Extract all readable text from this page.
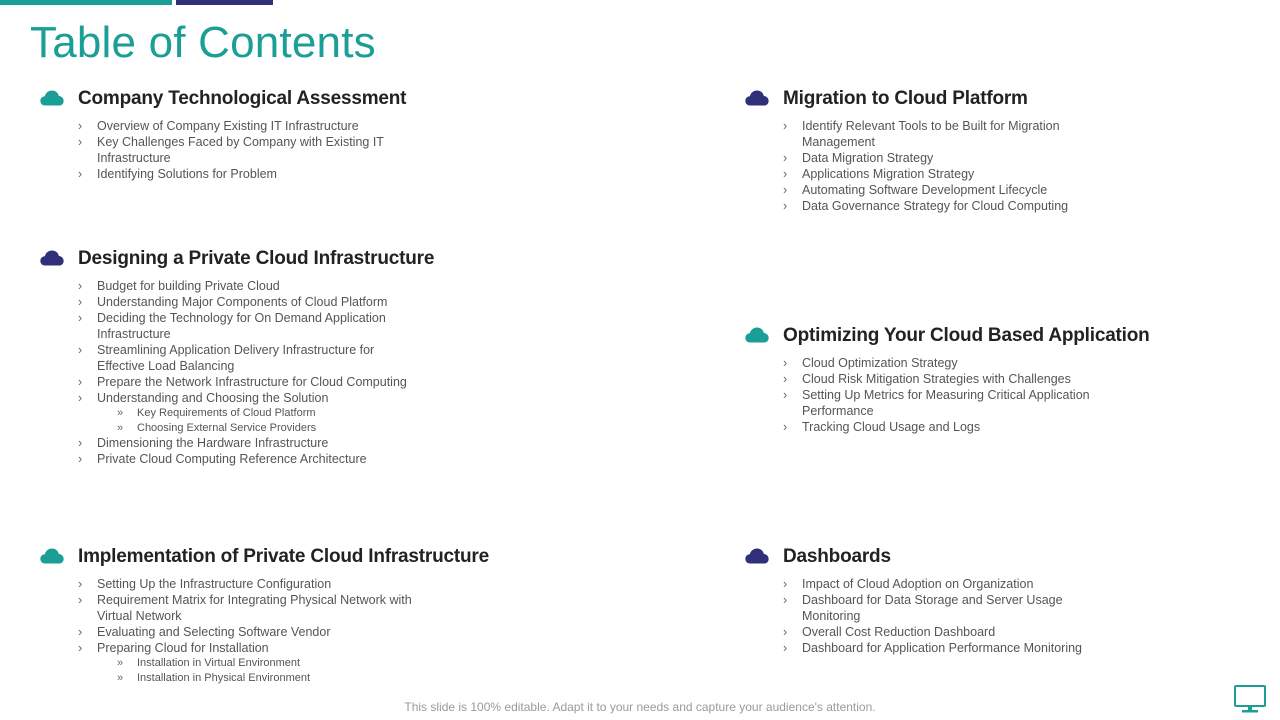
Table of Contents
Company Technological Assessment
› Overview of Company Existing IT Infrastructure
› Key Challenges Faced by Company with Existing IT Infrastructure
› Identifying Solutions for Problem
Designing a Private Cloud Infrastructure
› Budget for building Private Cloud
› Understanding Major Components of Cloud Platform
› Deciding the Technology for On Demand Application Infrastructure
› Streamlining Application Delivery Infrastructure for Effective Load Balancing
› Prepare the Network Infrastructure for Cloud Computing
› Understanding and Choosing the Solution
» Key Requirements of Cloud Platform
» Choosing External Service Providers
› Dimensioning the Hardware Infrastructure
› Private Cloud Computing Reference Architecture
Implementation of Private Cloud Infrastructure
› Setting Up the Infrastructure Configuration
› Requirement Matrix for Integrating Physical Network with Virtual Network
› Evaluating and Selecting Software Vendor
› Preparing Cloud for Installation
» Installation in Virtual Environment
» Installation in Physical Environment
Migration to Cloud Platform
› Identify Relevant Tools to be Built for Migration Management
› Data Migration Strategy
› Applications Migration Strategy
› Automating Software Development Lifecycle
› Data Governance Strategy for Cloud Computing
Optimizing Your Cloud Based Application
› Cloud Optimization Strategy
› Cloud Risk Mitigation Strategies with Challenges
› Setting Up Metrics for Measuring Critical Application Performance
› Tracking Cloud Usage and Logs
Dashboards
› Impact of Cloud Adoption on Organization
› Dashboard for Data Storage and Server Usage Monitoring
› Overall Cost Reduction Dashboard
› Dashboard for Application Performance Monitoring
This slide is 100% editable. Adapt it to your needs and capture your audience's attention.
